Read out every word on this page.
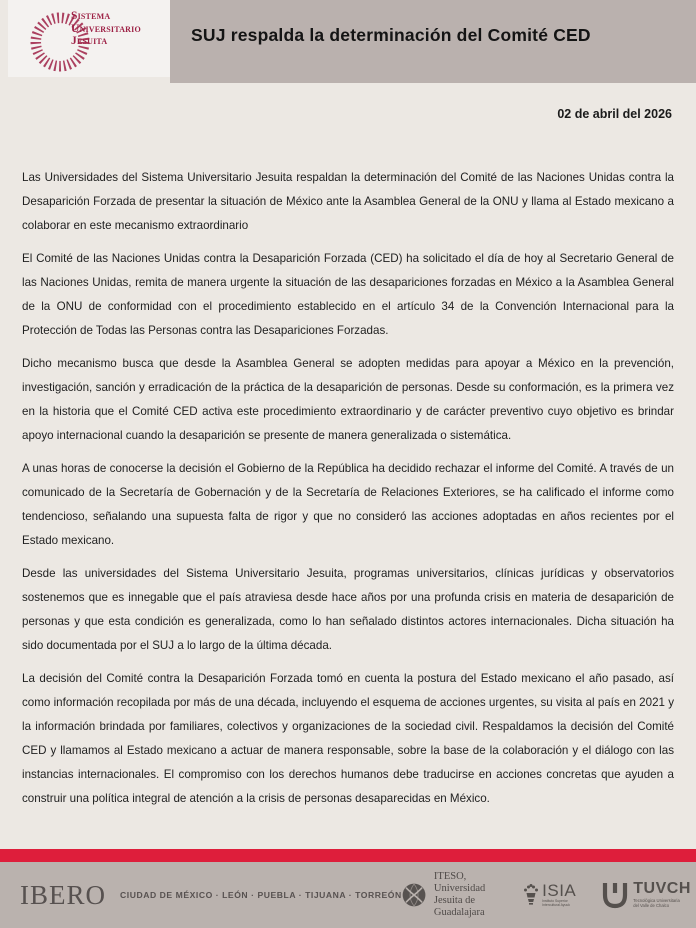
SUJ respalda la determinación del Comité CED
Sistema
Universitario
Jesuita
02 de abril del 2026

Las Universidades del Sistema Universitario Jesuita respaldan la determinación del Comité de las Naciones Unidas contra la Desaparición Forzada de presentar la situación de México ante la Asamblea General de la ONU y llama al Estado mexicano a colaborar en este mecanismo extraordinario

El Comité de las Naciones Unidas contra la Desaparición Forzada (CED) ha solicitado el día de hoy al Secretario General de las Naciones Unidas, remita de manera urgente la situación de las desapariciones forzadas en México a la Asamblea General de la ONU de conformidad con el procedimiento establecido en el artículo 34 de la Convención Internacional para la Protección de Todas las Personas contra las Desapariciones Forzadas.

Dicho mecanismo busca que desde la Asamblea General se adopten medidas para apoyar a México en la prevención, investigación, sanción y erradicación de la práctica de la desaparición de personas. Desde su conformación, es la primera vez en la historia que el Comité CED activa este procedimiento extraordinario y de carácter preventivo cuyo objetivo es brindar apoyo internacional cuando la desaparición se presente de manera generalizada o sistemática.

A unas horas de conocerse la decisión el Gobierno de la República ha decidido rechazar el informe del Comité. A través de un comunicado de la Secretaría de Gobernación y de la Secretaría de Relaciones Exteriores, se ha calificado el informe como tendencioso, señalando una supuesta falta de rigor y que no consideró las acciones adoptadas en años recientes por el Estado mexicano.

Desde las universidades del Sistema Universitario Jesuita, programas universitarios, clínicas jurídicas y observatorios sostenemos que es innegable que el país atraviesa desde hace años por una profunda crisis en materia de desaparición de personas y que esta condición es generalizada, como lo han señalado distintos actores internacionales. Dicha situación ha sido documentada por el SUJ a lo largo de la última década.

La decisión del Comité contra la Desaparición Forzada tomó en cuenta la postura del Estado mexicano el año pasado, así como información recopilada por más de una década, incluyendo el esquema de acciones urgentes, su visita al país en 2021 y la información brindada por familiares, colectivos y organizaciones de la sociedad civil. Respaldamos la decisión del Comité CED y llamamos al Estado mexicano a actuar de manera responsable, sobre la base de la colaboración y el diálogo con las instancias internacionales. El compromiso con los derechos humanos debe traducirse en acciones concretas que ayuden a construir una política integral de atención a la crisis de personas desaparecidas en México.

IBERO CIUDAD DE MÉXICO · LEÓN · PUEBLA · TIJUANA · TORREÓN
ITESO, Universidad
Jesuita de Guadalajara
ISIA
Instituto Superior
Intercultural Ayuuk
TUVCH
Tecnológica Universitaria
del Valle de Chalco
